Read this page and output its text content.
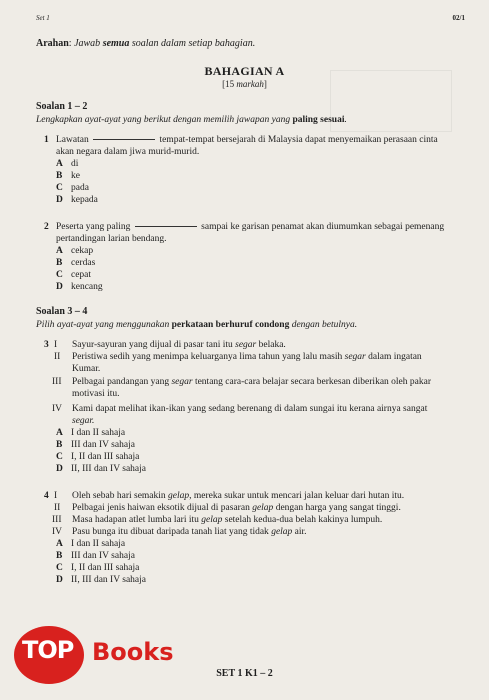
Set 1	02/1
Arahan: Jawab semua soalan dalam setiap bahagian.
BAHAGIAN A
[15 markah]
Soalan 1 – 2
Lengkapkan ayat-ayat yang berikut dengan memilih jawapan yang paling sesuai.
1 Lawatan	tempat-tempat bersejarah di Malaysia dapat menyemaikan perasaan cinta
akan negara dalam jiwa murid-murid.
A di
B ke
C pada
D kepada
2 Peserta yang paling	sampai ke garisan penamat akan diumumkan sebagai pemenang
pertandingan larian bendang.
A cekap
B cerdas
C cepat
D kencang
Soalan 3 – 4
Pilih ayat-ayat yang menggunakan perkataan berhuruf condong dengan betulnya.
3 I Sayur-sayuran yang dijual di pasar tani itu segar belaka.
II Peristiwa sedih yang menimpa keluarganya lima tahun yang lalu masih segar dalam ingatan
Kumar.
III Pelbagai pandangan yang segar tentang cara-cara belajar secara berkesan diberikan oleh pakar
motivasi itu.
IV Kami dapat melihat ikan-ikan yang sedang berenang di dalam sungai itu kerana airnya sangat
segar.
A I dan II sahaja
B III dan IV sahaja
C I, II dan III sahaja
D II, III dan IV sahaja
4 I Oleh sebab hari semakin gelap, mereka sukar untuk mencari jalan keluar dari hutan itu.
II Pelbagai jenis haiwan eksotik dijual di pasaran gelap dengan harga yang sangat tinggi.
III Masa hadapan atlet lumba lari itu gelap setelah kedua-dua belah kakinya lumpuh.
IV Pasu bunga itu dibuat daripada tanah liat yang tidak gelap air.
A I dan II sahaja
B III dan IV sahaja
C I, II dan III sahaja
D II, III dan IV sahaja
SET 1 K1 – 2
TOP Books
